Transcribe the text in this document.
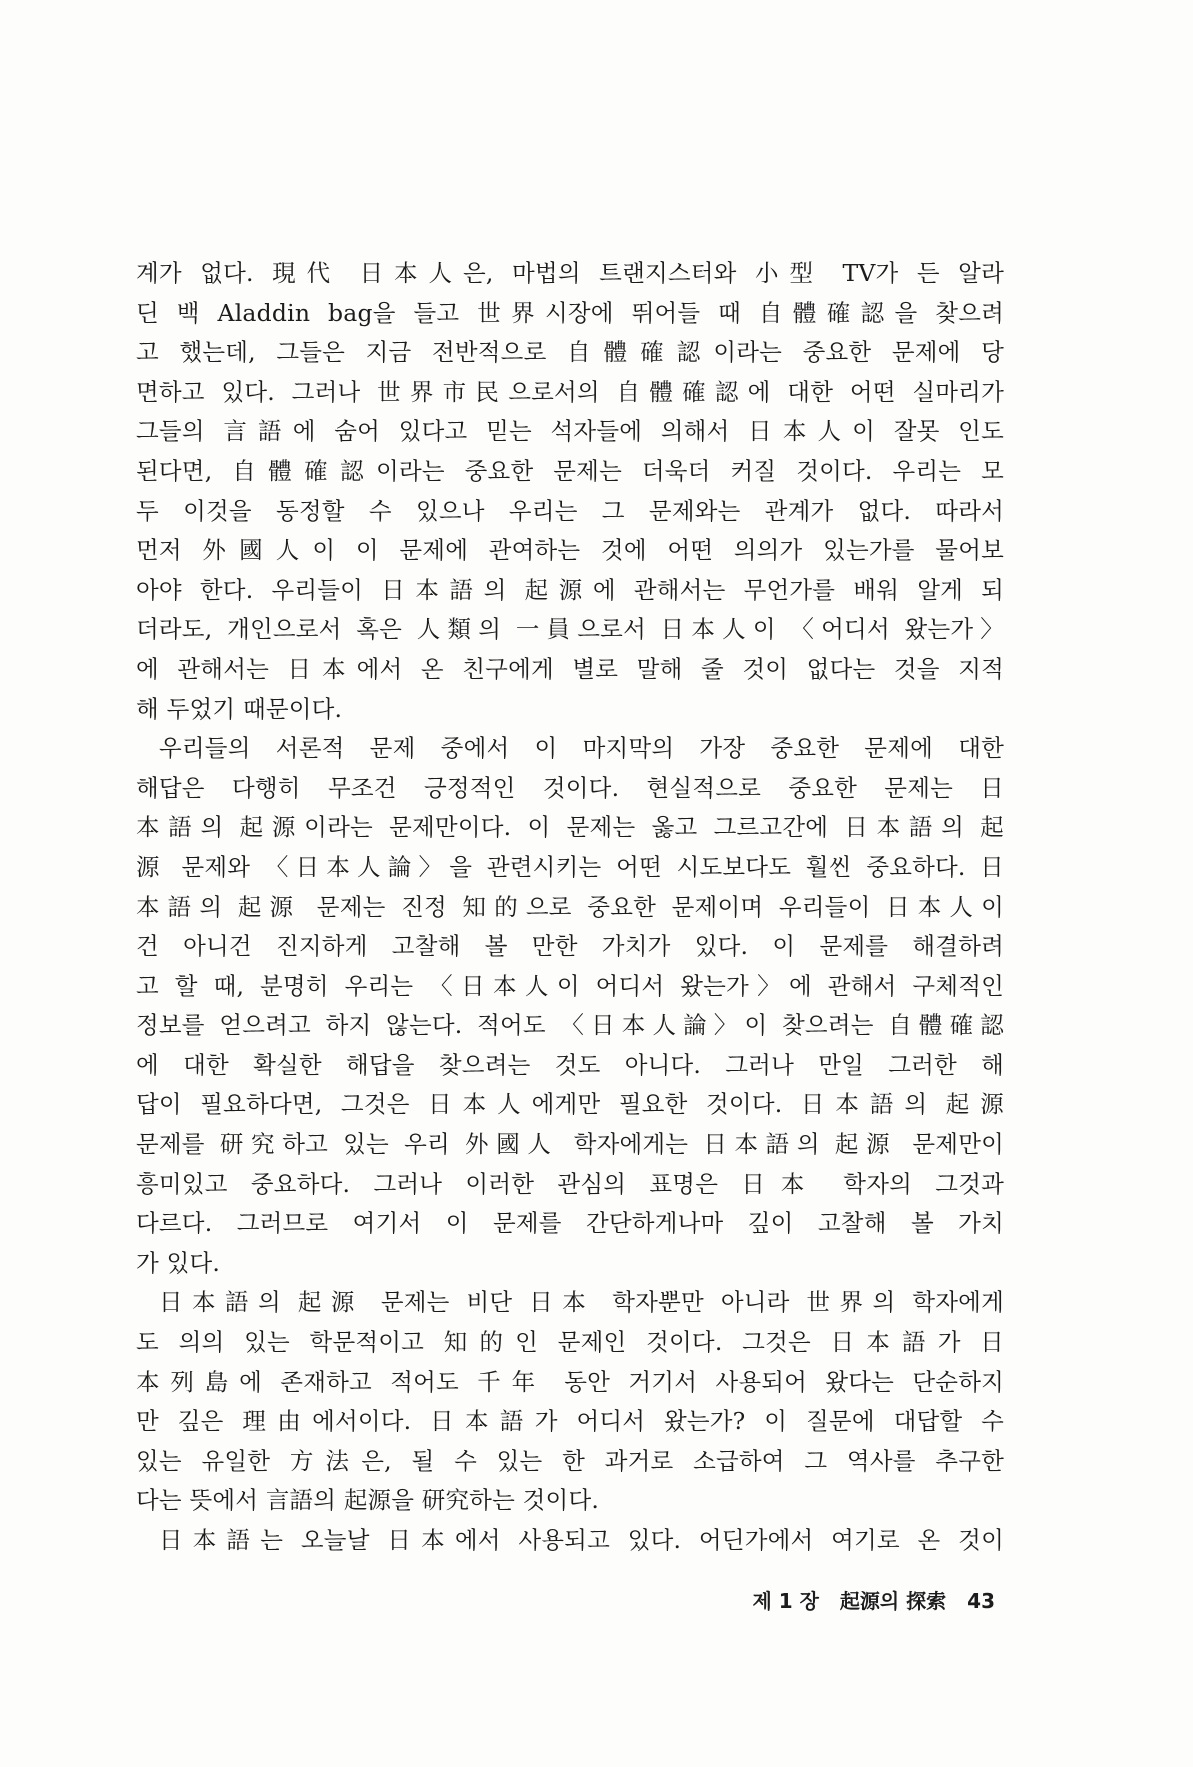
계가 없다. 現代 日本人은, 마법의 트랜지스터와 小型 TV가 든 알라
딘 백 Aladdin bag을 들고 世界시장에 뛰어들 때 自體確認을 찾으려
고 했는데, 그들은 지금 전반적으로 自體確認이라는 중요한 문제에 당
면하고 있다. 그러나 世界市民으로서의 自體確認에 대한 어떤 실마리가
그들의 言語에 숨어 있다고 믿는 석자들에 의해서 日本人이 잘못 인도
된다면, 自體確認이라는 중요한 문제는 더욱더 커질 것이다. 우리는 모
두 이것을 동정할 수 있으나 우리는 그 문제와는 관계가 없다. 따라서
먼저 外國人이 이 문제에 관여하는 것에 어떤 의의가 있는가를 물어보
아야 한다. 우리들이 日本語의 起源에 관해서는 무언가를 배워 알게 되
더라도, 개인으로서 혹은 人類의 一員으로서 日本人이 〈어디서 왔는가〉
에 관해서는 日本에서 온 친구에게 별로 말해 줄 것이 없다는 것을 지적
해 두었기 때문이다.
우리들의 서론적 문제 중에서 이 마지막의 가장 중요한 문제에 대한
해답은 다행히 무조건 긍정적인 것이다. 현실적으로 중요한 문제는 日
本語의 起源이라는 문제만이다. 이 문제는 옳고 그르고간에 日本語의 起
源 문제와 〈日本人論〉을 관련시키는 어떤 시도보다도 훨씬 중요하다. 日
本語의 起源 문제는 진정 知的으로 중요한 문제이며 우리들이 日本人이
건 아니건 진지하게 고찰해 볼 만한 가치가 있다. 이 문제를 해결하려
고 할 때, 분명히 우리는 〈日本人이 어디서 왔는가〉에 관해서 구체적인
정보를 얻으려고 하지 않는다. 적어도 〈日本人論〉이 찾으려는 自體確認
에 대한 확실한 해답을 찾으려는 것도 아니다. 그러나 만일 그러한 해
답이 필요하다면, 그것은 日本人에게만 필요한 것이다. 日本語의 起源
문제를 研究하고 있는 우리 外國人 학자에게는 日本語의 起源 문제만이
흥미있고 중요하다. 그러나 이러한 관심의 표명은 日本 학자의 그것과
다르다. 그러므로 여기서 이 문제를 간단하게나마 깊이 고찰해 볼 가치
가 있다.
日本語의 起源 문제는 비단 日本 학자뿐만 아니라 世界의 학자에게
도 의의 있는 학문적이고 知的인 문제인 것이다. 그것은 日本語가 日
本列島에 존재하고 적어도 千年 동안 거기서 사용되어 왔다는 단순하지
만 깊은 理由에서이다. 日本語가 어디서 왔는가? 이 질문에 대답할 수
있는 유일한 方法은, 될 수 있는 한 과거로 소급하여 그 역사를 추구한
다는 뜻에서 言語의 起源을 研究하는 것이다.
日本語는 오늘날 日本에서 사용되고 있다. 어딘가에서 여기로 온 것이
제 1 장 起源의 探索 43
